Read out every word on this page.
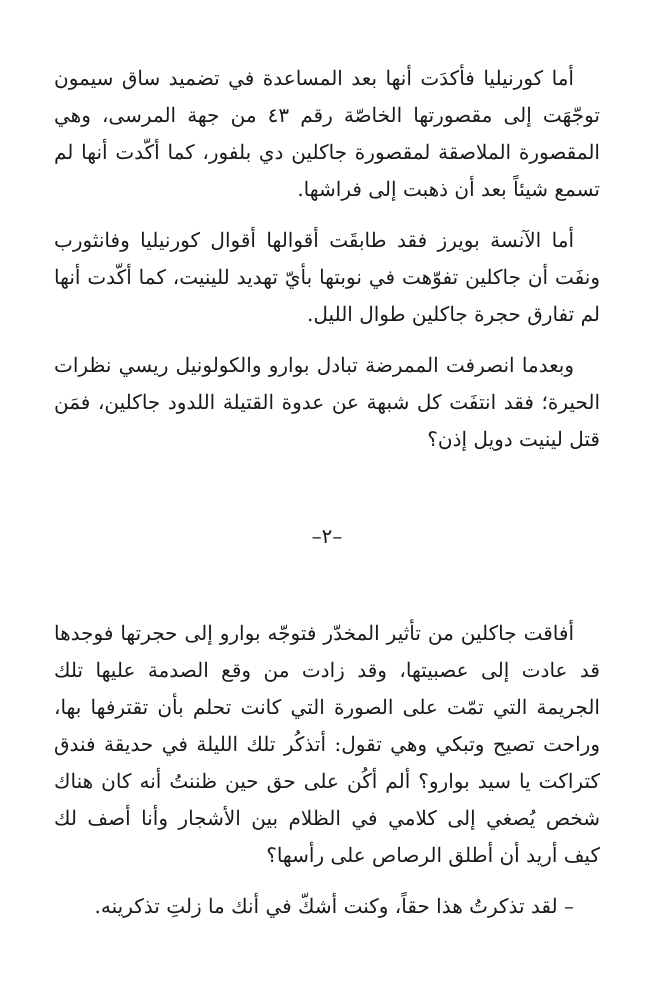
أما كورنيليا فأكدَت أنها بعد المساعدة في تضميد ساق سيمون توجّهَت إلى مقصورتها الخاصّة رقم ٤٣ من جهة المرسى، وهي المقصورة الملاصقة لمقصورة جاكلين دي بلفور، كما أكّدت أنها لم تسمع شيئاً بعد أن ذهبت إلى فراشها.

أما الآنسة بويرز فقد طابقَت أقوالها أقوال كورنيليا وفانثورب ونفَت أن جاكلين تفوّهت في نوبتها بأيّ تهديد للينيت، كما أكّدت أنها لم تفارق حجرة جاكلين طوال الليل.

وبعدما انصرفت الممرضة تبادل بوارو والكولونيل ريسي نظرات الحيرة؛ فقد انتفَت كل شبهة عن عدوة القتيلة اللدود جاكلين، فمَن قتل لينيت دويل إذن؟

–٢–

أفاقت جاكلين من تأثير المخدّر فتوجّه بوارو إلى حجرتها فوجدها قد عادت إلى عصبيتها، وقد زادت من وقع الصدمة عليها تلك الجريمة التي تمّت على الصورة التي كانت تحلم بأن تقترفها بها، وراحت تصيح وتبكي وهي تقول: أتذكُر تلك الليلة في حديقة فندق كتراكت يا سيد بوارو؟ ألم أكُن على حق حين ظننتُ أنه كان هناك شخص يُصغي إلى كلامي في الظلام بين الأشجار وأنا أصف لك كيف أريد أن أطلق الرصاص على رأسها؟

– لقد تذكرتُ هذا حقاً، وكنت أشكّ في أنك ما زلتِ تذكرينه.
